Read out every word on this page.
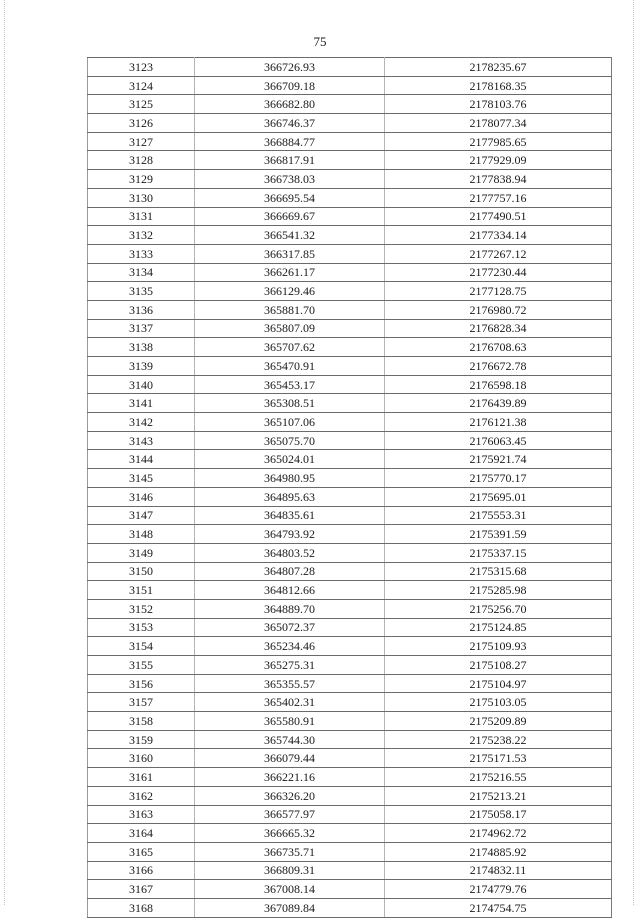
75
3123	366726.93	2178235.67
3124	366709.18	2178168.35
3125	366682.80	2178103.76
3126	366746.37	2178077.34
3127	366884.77	2177985.65
3128	366817.91	2177929.09
3129	366738.03	2177838.94
3130	366695.54	2177757.16
3131	366669.67	2177490.51
3132	366541.32	2177334.14
3133	366317.85	2177267.12
3134	366261.17	2177230.44
3135	366129.46	2177128.75
3136	365881.70	2176980.72
3137	365807.09	2176828.34
3138	365707.62	2176708.63
3139	365470.91	2176672.78
3140	365453.17	2176598.18
3141	365308.51	2176439.89
3142	365107.06	2176121.38
3143	365075.70	2176063.45
3144	365024.01	2175921.74
3145	364980.95	2175770.17
3146	364895.63	2175695.01
3147	364835.61	2175553.31
3148	364793.92	2175391.59
3149	364803.52	2175337.15
3150	364807.28	2175315.68
3151	364812.66	2175285.98
3152	364889.70	2175256.70
3153	365072.37	2175124.85
3154	365234.46	2175109.93
3155	365275.31	2175108.27
3156	365355.57	2175104.97
3157	365402.31	2175103.05
3158	365580.91	2175209.89
3159	365744.30	2175238.22
3160	366079.44	2175171.53
3161	366221.16	2175216.55
3162	366326.20	2175213.21
3163	366577.97	2175058.17
3164	366665.32	2174962.72
3165	366735.71	2174885.92
3166	366809.31	2174832.11
3167	367008.14	2174779.76
3168	367089.84	2174754.75
